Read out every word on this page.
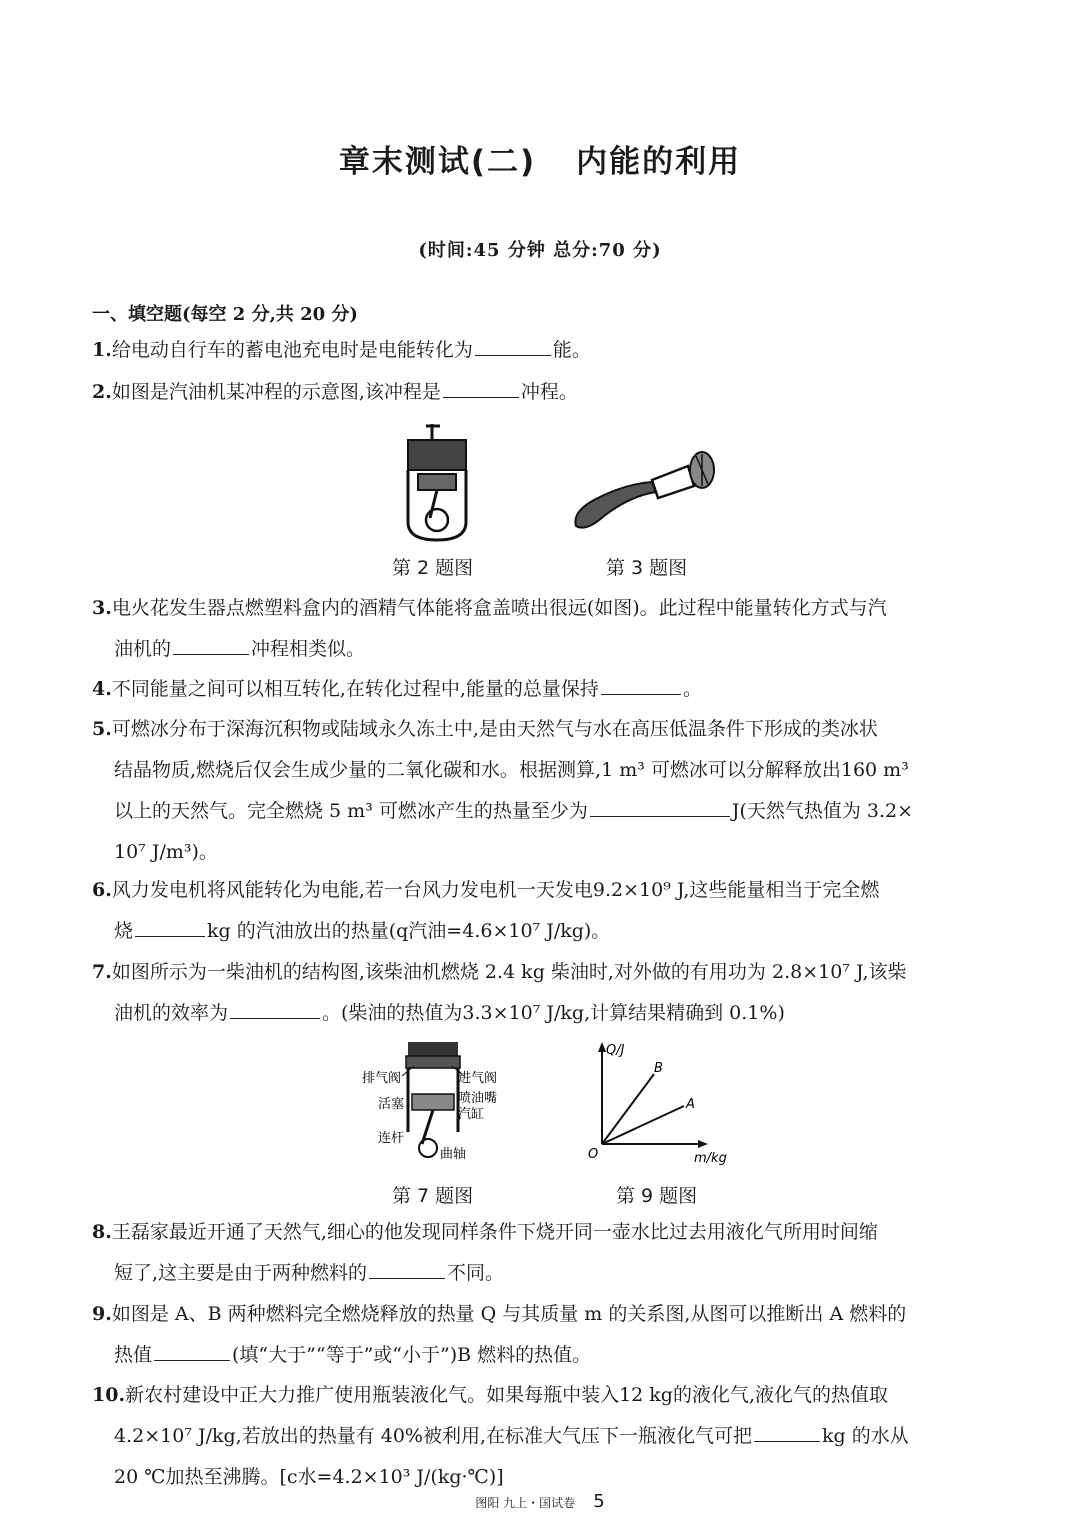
章末测试(二) 内能的利用
(时间:45 分钟 总分:70 分)
一、填空题(每空 2 分,共 20 分)
1.给电动自行车的蓄电池充电时是电能转化为	能。
2.如图是汽油机某冲程的示意图,该冲程是	冲程。
第 2 题图	第 3 题图
3.电火花发生器点燃塑料盒内的酒精气体能将盒盖喷出很远(如图)。此过程中能量转化方式与汽
油机的	冲程相类似。
4.不同能量之间可以相互转化,在转化过程中,能量的总量保持	。
5.可燃冰分布于深海沉积物或陆域永久冻土中,是由天然气与水在高压低温条件下形成的类冰状
结晶物质,燃烧后仅会生成少量的二氧化碳和水。根据测算,1 m³ 可燃冰可以分解释放出160 m³
以上的天然气。完全燃烧 5 m³ 可燃冰产生的热量至少为	J(天然气热值为 3.2×
10⁷ J/m³)。
6.风力发电机将风能转化为电能,若一台风力发电机一天发电9.2×10⁹ J,这些能量相当于完全燃
烧	kg 的汽油放出的热量(q汽油=4.6×10⁷ J/kg)。
7.如图所示为一柴油机的结构图,该柴油机燃烧 2.4 kg 柴油时,对外做的有用功为 2.8×10⁷ J,该柴
油机的效率为	。(柴油的热值为3.3×10⁷ J/kg,计算结果精确到 0.1%)
排气阀	进气阀
活塞	喷油嘴
汽缸
连杆
曲轴
Q/J
m/kg
O
B
A
第 7 题图	第 9 题图
8.王磊家最近开通了天然气,细心的他发现同样条件下烧开同一壶水比过去用液化气所用时间缩
短了,这主要是由于两种燃料的	不同。
9.如图是 A、B 两种燃料完全燃烧释放的热量 Q 与其质量 m 的关系图,从图可以推断出 A 燃料的
热值	(填“大于”“等于”或“小于”)B 燃料的热值。
10.新农村建设中正大力推广使用瓶装液化气。如果每瓶中装入12 kg的液化气,液化气的热值取
4.2×10⁷ J/kg,若放出的热量有 40%被利用,在标准大气压下一瓶液化气可把	kg 的水从
20 ℃加热至沸腾。[c水=4.2×10³ J/(kg·℃)]
图阳 九上・国试卷 5
